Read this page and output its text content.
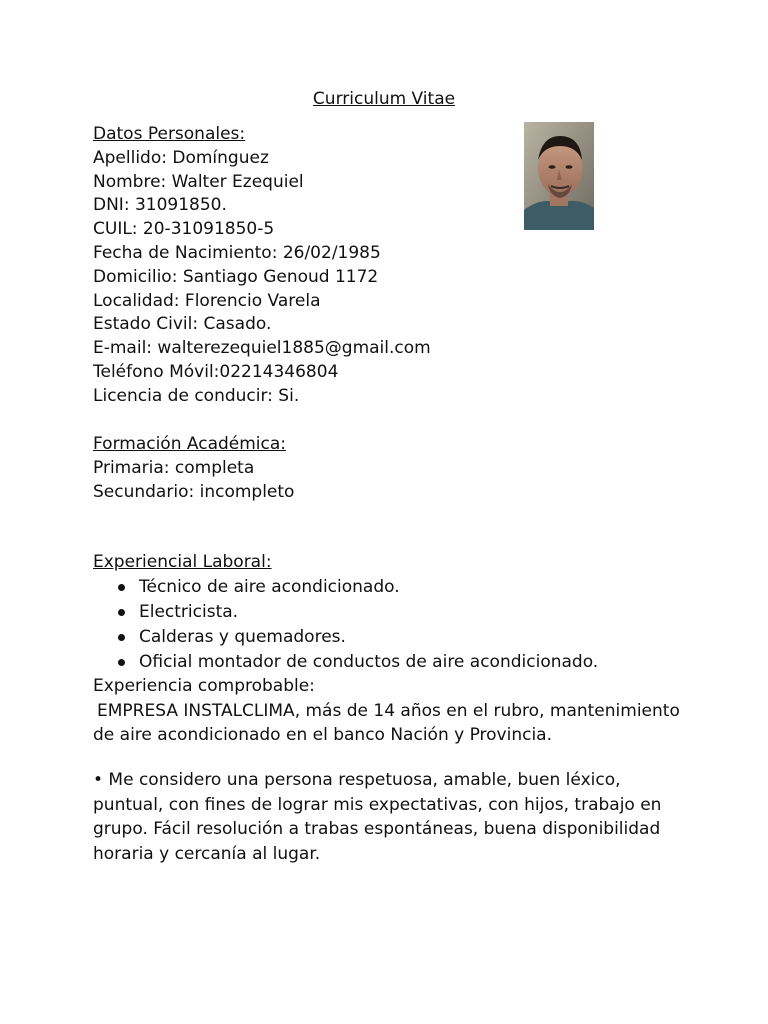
Curriculum Vitae
Datos Personales:
Apellido: Domínguez
Nombre: Walter Ezequiel
DNI: 31091850.
CUIL: 20-31091850-5
Fecha de Nacimiento: 26/02/1985
Domicilio: Santiago Genoud 1172
Localidad: Florencio Varela
Estado Civil: Casado.
E-mail: walterezequiel1885@gmail.com
Teléfono Móvil:02214346804
Licencia de conducir: Si.
Formación Académica:
Primaria: completa
Secundario: incompleto
Experiencial Laboral:
Técnico de aire acondicionado.
Electricista.
Calderas y quemadores.
Oficial montador de conductos de aire acondicionado.
Experiencia comprobable:
EMPRESA INSTALCLIMA, más de 14 años en el rubro, mantenimiento
de aire acondicionado en el banco Nación y Provincia.
• Me considero una persona respetuosa, amable, buen léxico, puntual, con fines de lograr mis expectativas, con hijos, trabajo en grupo. Fácil resolución a trabas espontáneas, buena disponibilidad horaria y cercanía al lugar.
